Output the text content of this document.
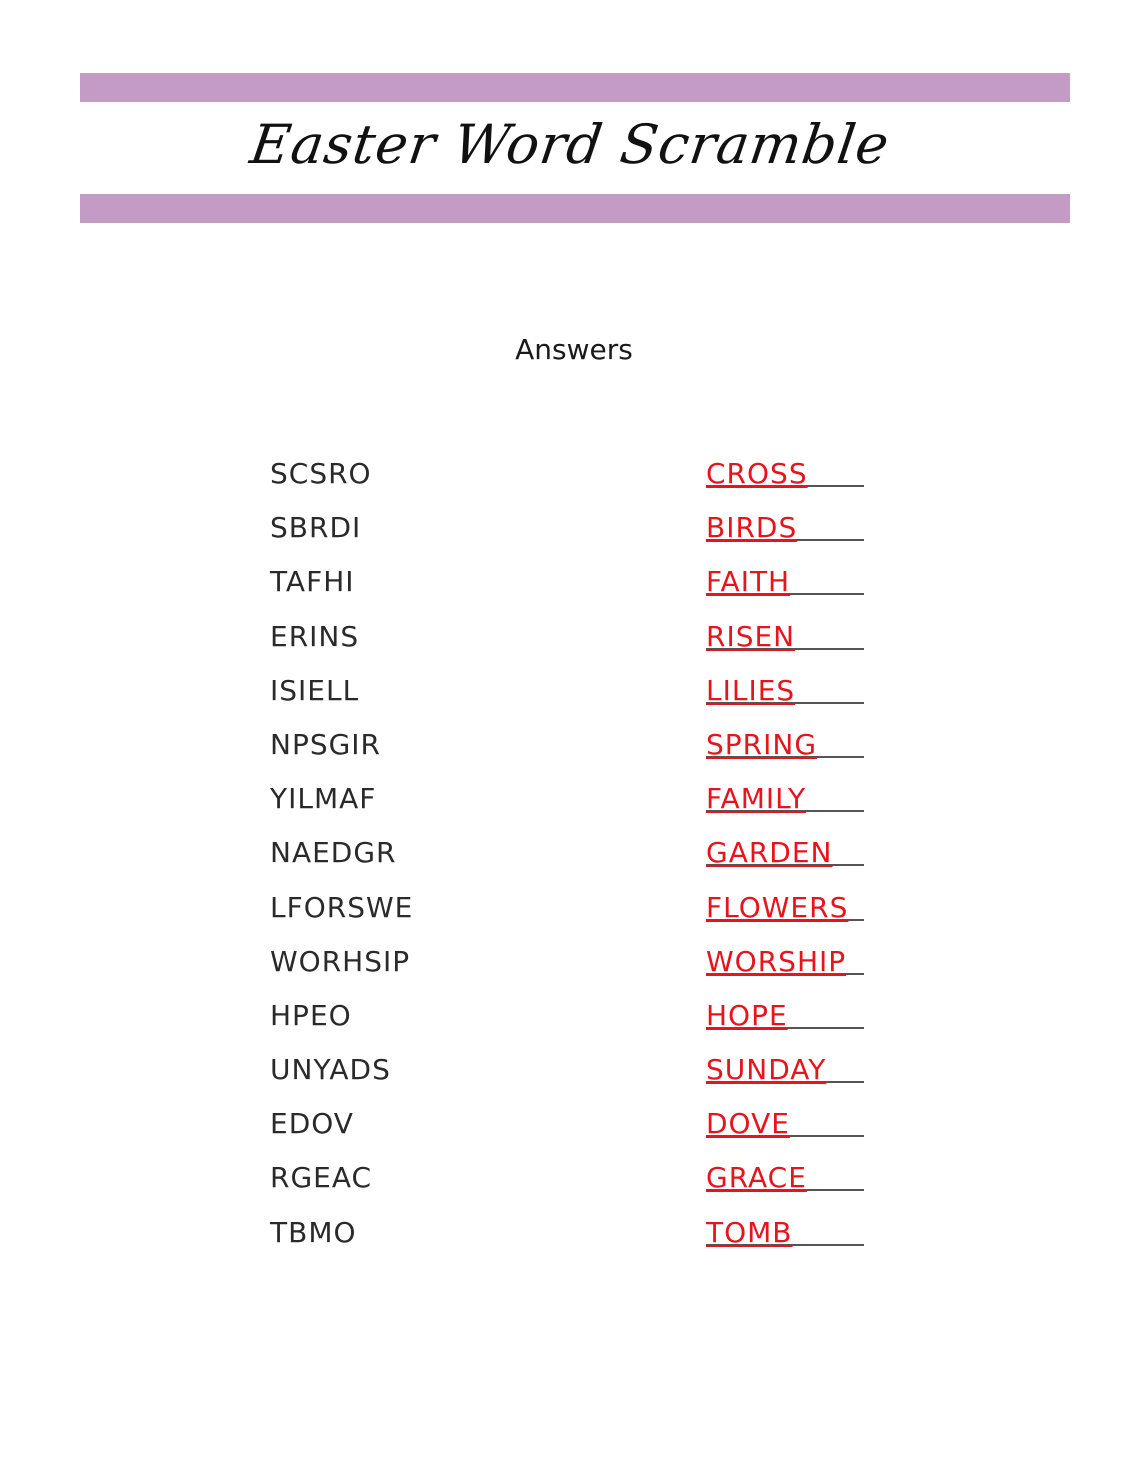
Easter Word Scramble
Answers
SCSRO	CROSS
SBRDI	BIRDS
TAFHI	FAITH
ERINS	RISEN
ISIELL	LILIES
NPSGIR	SPRING
YILMAF	FAMILY
NAEDGR	GARDEN
LFORSWE	FLOWERS
WORHSIP	WORSHIP
HPEO	HOPE
UNYADS	SUNDAY
EDOV	DOVE
RGEAC	GRACE
TBMO	TOMB
